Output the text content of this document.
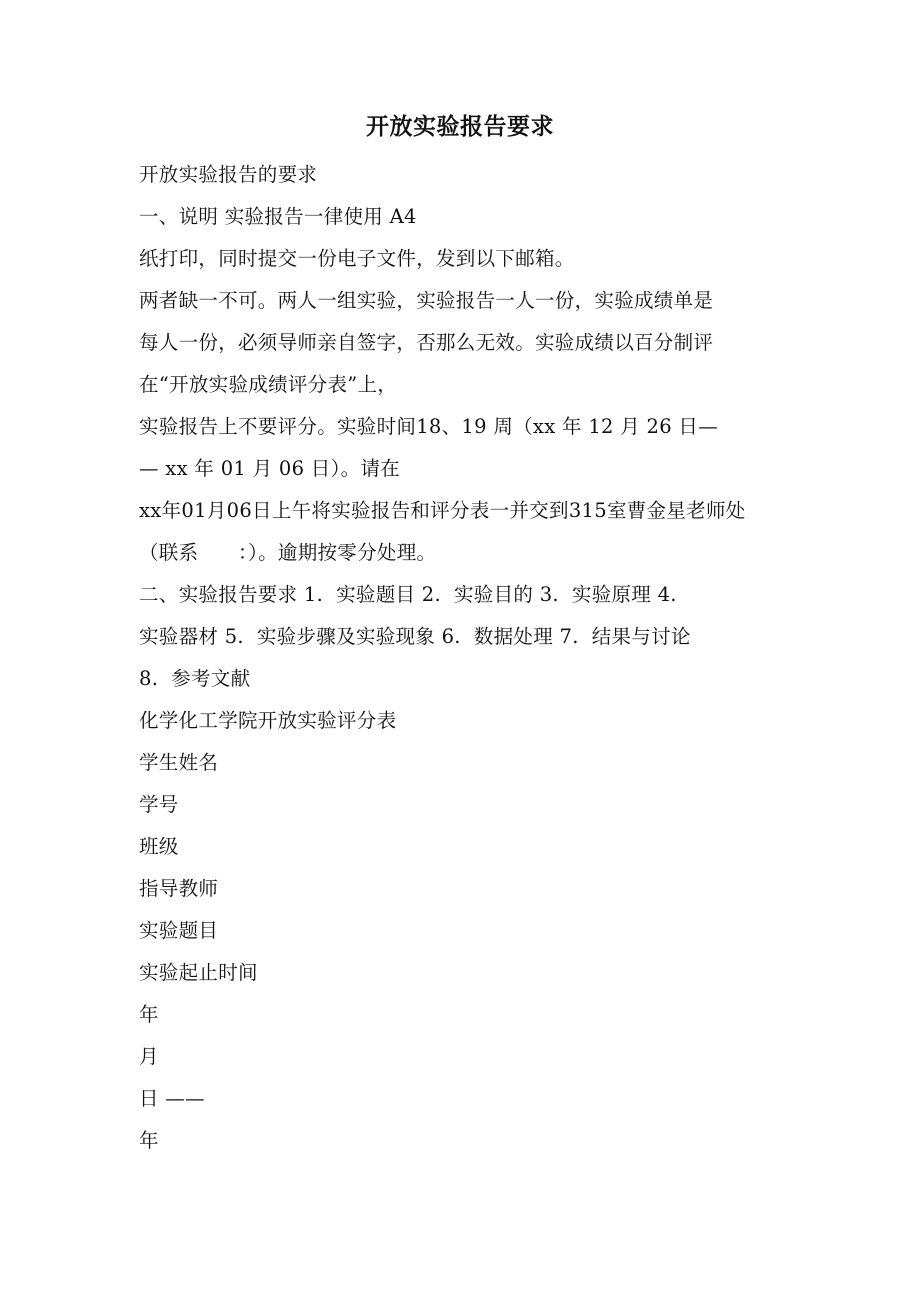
开放实验报告要求
开放实验报告的要求
一、说明 实验报告一律使用 A4
纸打印，同时提交一份电子文件，发到以下邮箱。
两者缺一不可。两人一组实验，实验报告一人一份，实验成绩单是
每人一份，必须导师亲自签字，否那么无效。实验成绩以百分制评
在“开放实验成绩评分表”上，
实验报告上不要评分。实验时间18、19 周（xx 年 12 月 26 日—
— xx 年 01 月 06 日）。请在
xx年01月06日上午将实验报告和评分表一并交到315室曹金星老师处
（联系　　：）。逾期按零分处理。
二、实验报告要求 1.  实验题目 2.  实验目的 3.  实验原理 4.
实验器材 5.  实验步骤及实验现象 6.  数据处理 7.  结果与讨论
8.  参考文献
化学化工学院开放实验评分表
学生姓名
学号
班级
指导教师
实验题目
实验起止时间
年
月
日 ——
年
